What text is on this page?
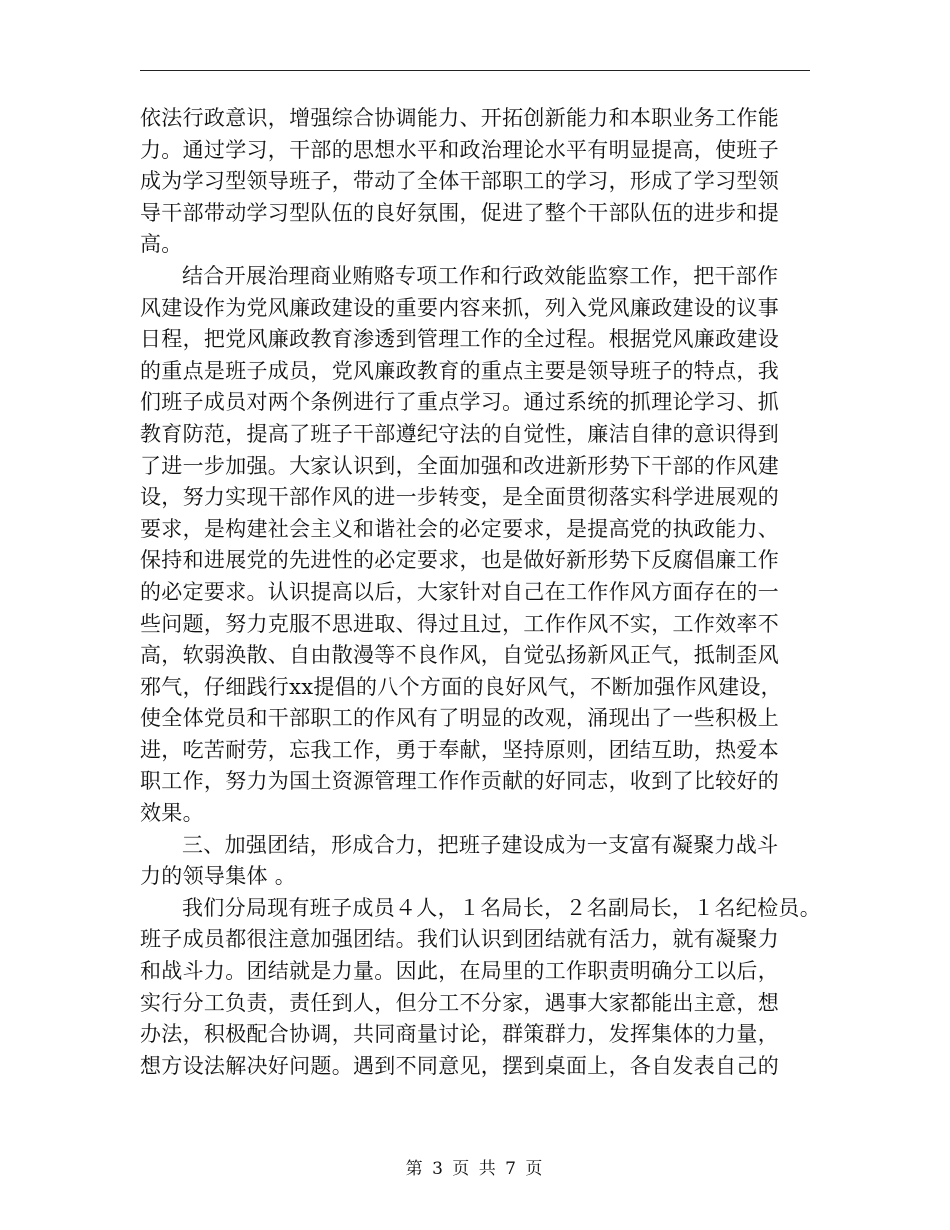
依法行政意识，增强综合协调能力、开拓创新能力和本职业务工作能
力。通过学习，干部的思想水平和政治理论水平有明显提高，使班子
成为学习型领导班子，带动了全体干部职工的学习，形成了学习型领
导干部带动学习型队伍的良好氛围，促进了整个干部队伍的进步和提
高。
结合开展治理商业贿赂专项工作和行政效能监察工作，把干部作
风建设作为党风廉政建设的重要内容来抓，列入党风廉政建设的议事
日程，把党风廉政教育渗透到管理工作的全过程。根据党风廉政建设
的重点是班子成员，党风廉政教育的重点主要是领导班子的特点，我
们班子成员对两个条例进行了重点学习。通过系统的抓理论学习、抓
教育防范，提高了班子干部遵纪守法的自觉性，廉洁自律的意识得到
了进一步加强。大家认识到，全面加强和改进新形势下干部的作风建
设，努力实现干部作风的进一步转变，是全面贯彻落实科学进展观的
要求，是构建社会主义和谐社会的必定要求，是提高党的执政能力、
保持和进展党的先进性的必定要求，也是做好新形势下反腐倡廉工作
的必定要求。认识提高以后，大家针对自己在工作作风方面存在的一
些问题，努力克服不思进取、得过且过，工作作风不实，工作效率不
高，软弱涣散、自由散漫等不良作风，自觉弘扬新风正气，抵制歪风
邪气，仔细践行xx提倡的八个方面的良好风气，不断加强作风建设，
使全体党员和干部职工的作风有了明显的改观，涌现出了一些积极上
进，吃苦耐劳，忘我工作，勇于奉献，坚持原则，团结互助，热爱本
职工作，努力为国土资源管理工作作贡献的好同志，收到了比较好的
效果。
三、加强团结，形成合力，把班子建设成为一支富有凝聚力战斗
力的领导集体 。
我们分局现有班子成员４人，１名局长，２名副局长，１名纪检员。
班子成员都很注意加强团结。我们认识到团结就有活力，就有凝聚力
和战斗力。团结就是力量。因此，在局里的工作职责明确分工以后，
实行分工负责，责任到人，但分工不分家，遇事大家都能出主意，想
办法，积极配合协调，共同商量讨论，群策群力，发挥集体的力量，
想方设法解决好问题。遇到不同意见，摆到桌面上，各自发表自己的
第 3 页 共 7 页
